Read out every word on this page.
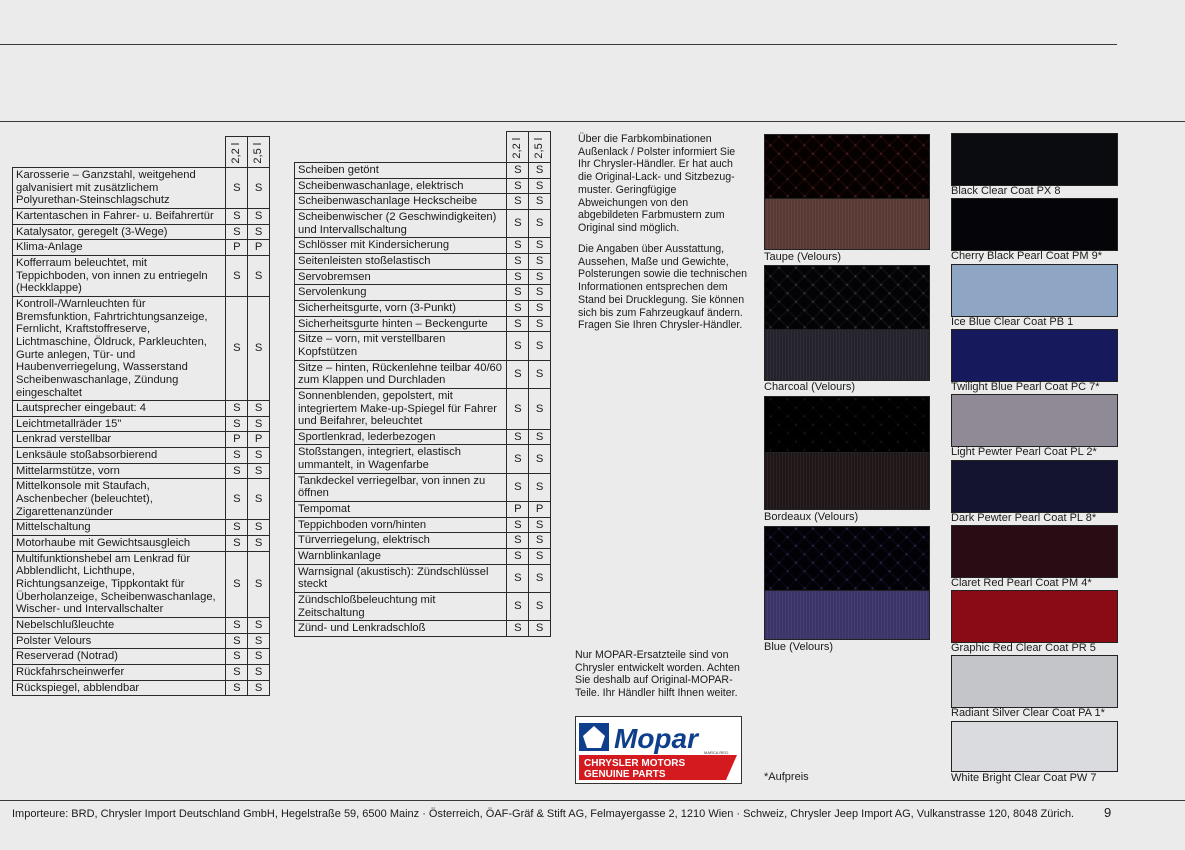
	2,2 l	2,5 l

Karosserie – Ganzstahl, weitgehend galvanisiert mit zusätzlichem Polyurethan-Steinschlagschutz	S	S
Kartentaschen in Fahrer- u. Beifahrertür	S	S
Katalysator, geregelt (3-Wege)	S	S
Klima-Anlage	P	P
Kofferraum beleuchtet, mit Teppichboden, von innen zu entriegeln (Heckklappe)	S	S
Kontroll-/Warnleuchten für Bremsfunktion, Fahrtrichtungsanzeige, Fernlicht, Kraftstoffreserve, Lichtmaschine, Öldruck, Parkleuchten, Gurte anlegen, Tür- und Haubenverriegelung, Wasserstand Scheibenwaschanlage, Zündung eingeschaltet	S	S
Lautsprecher eingebaut: 4	S	S
Leichtmetallräder 15"	S	S
Lenkrad verstellbar	P	P
Lenksäule stoßabsorbierend	S	S
Mittelarmstütze, vorn	S	S
Mittelkonsole mit Staufach, Aschenbecher (beleuchtet), Zigarettenanzünder	S	S
Mittelschaltung	S	S
Motorhaube mit Gewichtsausgleich	S	S
Multifunktionshebel am Lenkrad für Abblendlicht, Lichthupe, Richtungsanzeige, Tippkontakt für Überholanzeige, Scheibenwaschanlage, Wischer- und Intervallschalter	S	S
Nebelschlußleuchte	S	S
Polster Velours	S	S
Reserverad (Notrad)	S	S
Rückfahrscheinwerfer	S	S
Rückspiegel, abblendbar	S	S

	2,2 l	2,5 l

Scheiben getönt	S	S
Scheibenwaschanlage, elektrisch	S	S
Scheibenwaschanlage Heckscheibe	S	S
Scheibenwischer (2 Geschwindigkeiten) und Intervallschaltung	S	S
Schlösser mit Kindersicherung	S	S
Seitenleisten stoßelastisch	S	S
Servobremsen	S	S
Servolenkung	S	S
Sicherheitsgurte, vorn (3-Punkt)	S	S
Sicherheitsgurte hinten – Beckengurte	S	S
Sitze – vorn, mit verstellbaren Kopfstützen	S	S
Sitze – hinten, Rückenlehne teilbar 40/60 zum Klappen und Durchladen	S	S
Sonnenblenden, gepolstert, mit integriertem Make-up-Spiegel für Fahrer und Beifahrer, beleuchtet	S	S
Sportlenkrad, lederbezogen	S	S
Stoßstangen, integriert, elastisch ummantelt, in Wagenfarbe	S	S
Tankdeckel verriegelbar, von innen zu öffnen	S	S
Tempomat	P	P
Teppichboden vorn/hinten	S	S
Türverriegelung, elektrisch	S	S
Warnblinkanlage	S	S
Warnsignal (akustisch): Zündschlüssel steckt	S	S
Zündschloßbeleuchtung mit Zeitschaltung	S	S
Zünd- und Lenkradschloß	S	S
Über die Farbkombinationen Außenlack / Polster informiert Sie Ihr Chrysler-Händler. Er hat auch die Original-Lack- und Sitzbezug-muster. Geringfügige Abweichungen von den abgebildeten Farbmustern zum Original sind möglich.
Die Angaben über Ausstattung, Aussehen, Maße und Gewichte, Polsterungen sowie die technischen Informationen entsprechen dem Stand bei Drucklegung. Sie können sich bis zum Fahrzeugkauf ändern. Fragen Sie Ihren Chrysler-Händler.
Nur MOPAR-Ersatzteile sind von Chrysler entwickelt worden. Achten Sie deshalb auf Original-MOPAR-Teile. Ihr Händler hilft Ihnen weiter.
Mopar	MARCA REG.
CHRYSLER MOTORS
GENUINE PARTS
Taupe (Velours)
Charcoal (Velours)
Bordeaux (Velours)
Blue (Velours)
*Aufpreis
Black Clear Coat PX 8
Cherry Black Pearl Coat PM 9*
Ice Blue Clear Coat PB 1
Twilight Blue Pearl Coat PC 7*
Light Pewter Pearl Coat PL 2*
Dark Pewter Pearl Coat PL 8*
Claret Red Pearl Coat PM 4*
Graphic Red Clear Coat PR 5
Radiant Silver Clear Coat PA 1*
White Bright Clear Coat PW 7
Importeure: BRD, Chrysler Import Deutschland GmbH, Hegelstraße 59, 6500 Mainz · Österreich, ÖAF-Gräf & Stift AG, Felmayergasse 2, 1210 Wien · Schweiz, Chrysler Jeep Import AG, Vulkanstrasse 120, 8048 Zürich. 9
